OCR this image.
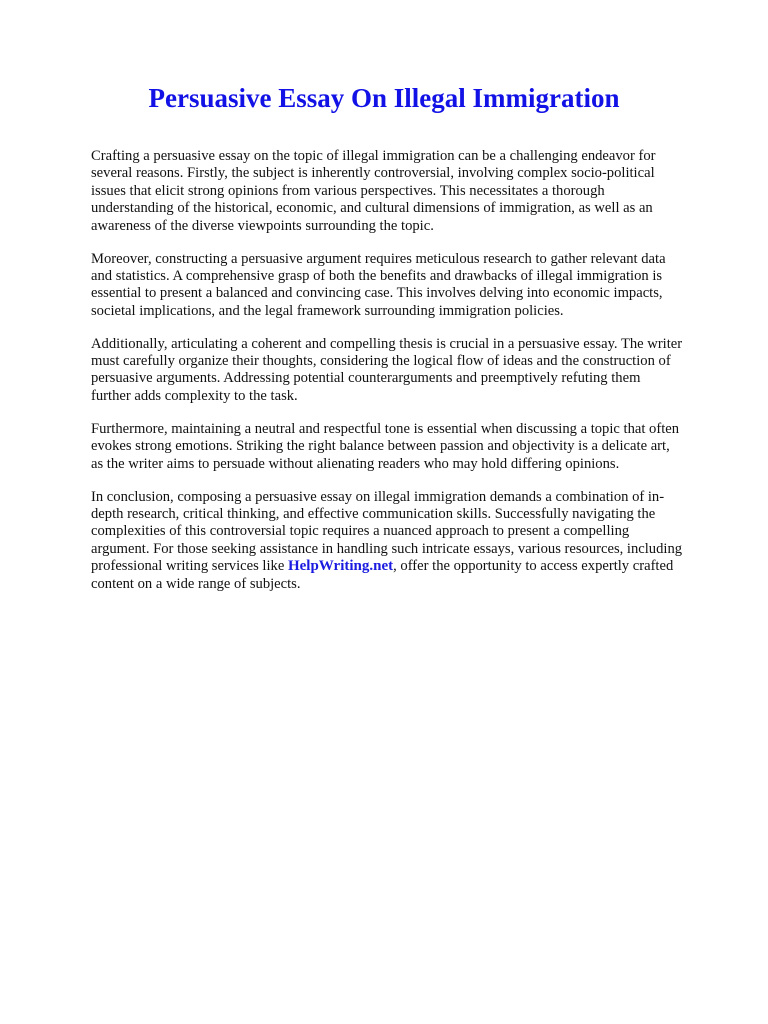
Persuasive Essay On Illegal Immigration
Crafting a persuasive essay on the topic of illegal immigration can be a challenging endeavor for
several reasons. Firstly, the subject is inherently controversial, involving complex socio-political
issues that elicit strong opinions from various perspectives. This necessitates a thorough
understanding of the historical, economic, and cultural dimensions of immigration, as well as an
awareness of the diverse viewpoints surrounding the topic.
Moreover, constructing a persuasive argument requires meticulous research to gather relevant data
and statistics. A comprehensive grasp of both the benefits and drawbacks of illegal immigration is
essential to present a balanced and convincing case. This involves delving into economic impacts,
societal implications, and the legal framework surrounding immigration policies.
Additionally, articulating a coherent and compelling thesis is crucial in a persuasive essay. The writer
must carefully organize their thoughts, considering the logical flow of ideas and the construction of
persuasive arguments. Addressing potential counterarguments and preemptively refuting them
further adds complexity to the task.
Furthermore, maintaining a neutral and respectful tone is essential when discussing a topic that often
evokes strong emotions. Striking the right balance between passion and objectivity is a delicate art,
as the writer aims to persuade without alienating readers who may hold differing opinions.
In conclusion, composing a persuasive essay on illegal immigration demands a combination of in-
depth research, critical thinking, and effective communication skills. Successfully navigating the
complexities of this controversial topic requires a nuanced approach to present a compelling
argument. For those seeking assistance in handling such intricate essays, various resources, including
professional writing services like HelpWriting.net, offer the opportunity to access expertly crafted
content on a wide range of subjects.
